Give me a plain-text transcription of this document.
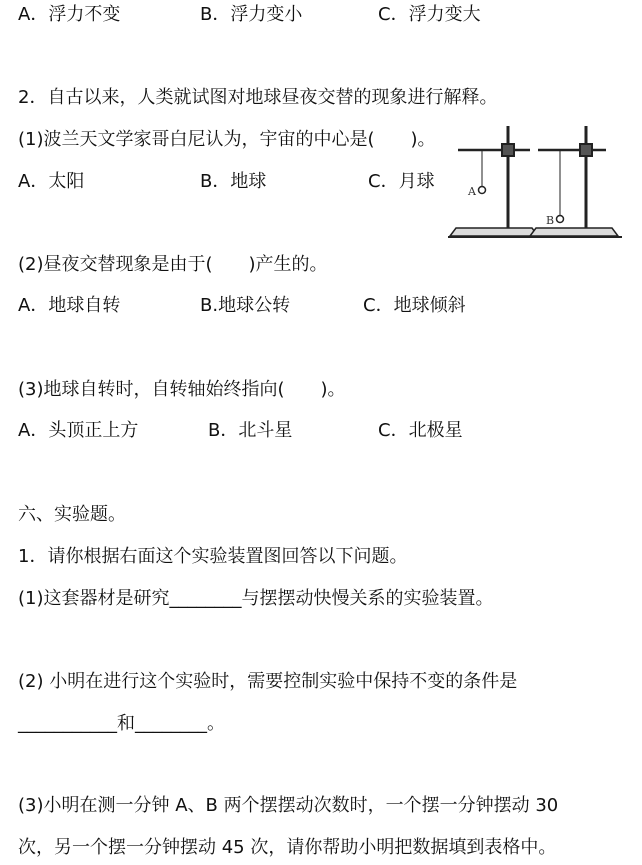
A．浮力不变	B．浮力变小	C．浮力变大
2．自古以来，人类就试图对地球昼夜交替的现象进行解释。
(1)波兰天文学家哥白尼认为，宇宙的中心是(　　)。
A．太阳	B．地球	C．月球	A
B
(2)昼夜交替现象是由于(　　)产生的。
A．地球自转	B.地球公转	C．地球倾斜
(3)地球自转时，自转轴始终指向(　　)。
A．头顶正上方	B．北斗星	C．北极星
六、实验题。
1．请你根据右面这个实验装置图回答以下问题。
(1)这套器材是研究________与摆摆动快慢关系的实验装置。
(2) 小明在进行这个实验时，需要控制实验中保持不变的条件是
___________和________。
(3)小明在测一分钟 A、B 两个摆摆动次数时，一个摆一分钟摆动 30
次，另一个摆一分钟摆动 45 次，请你帮助小明把数据填到表格中。
